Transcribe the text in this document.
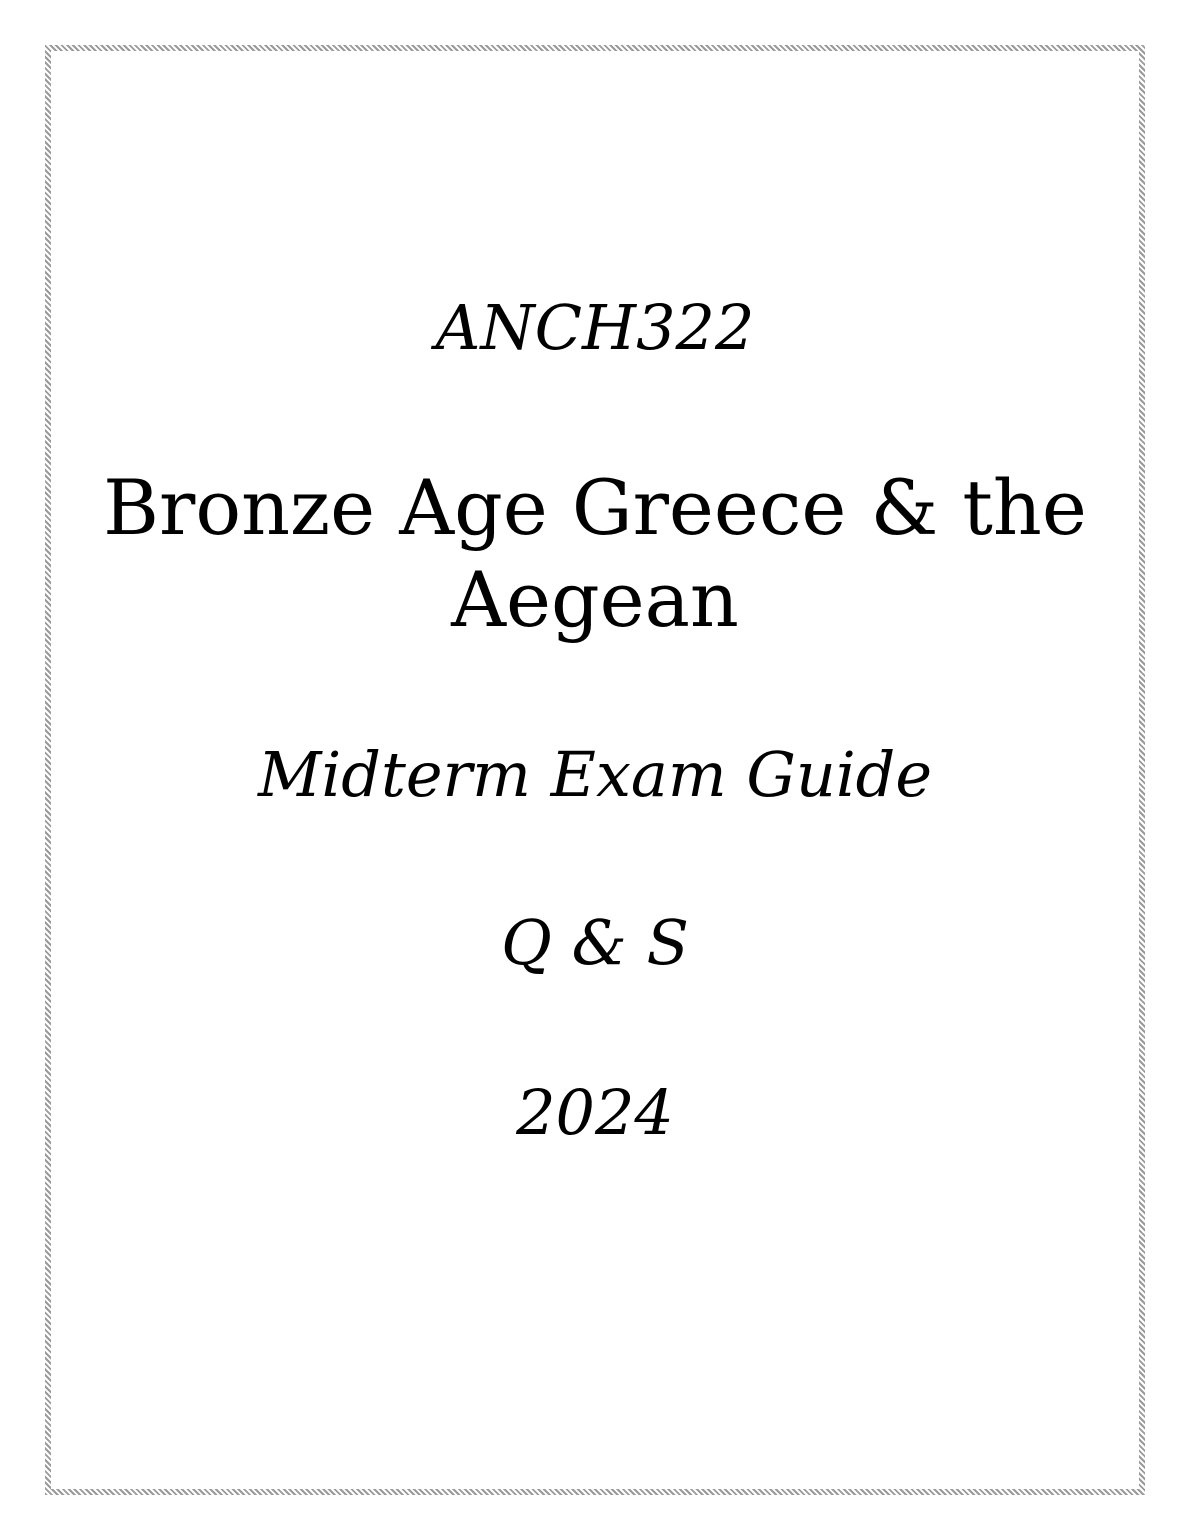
ANCH322
Bronze Age Greece & the
Aegean
Midterm Exam Guide
Q & S
2024
